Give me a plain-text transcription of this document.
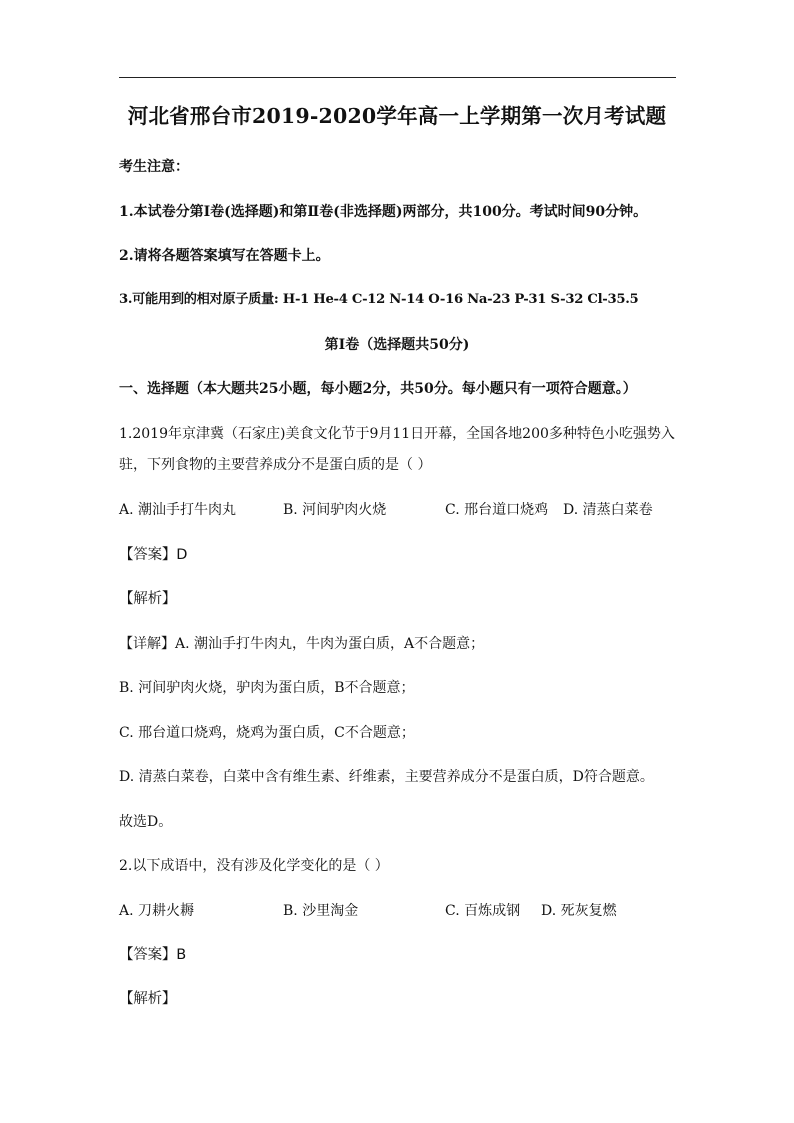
河北省邢台市2019-2020学年高一上学期第一次月考试题
考生注意：
1.本试卷分第Ⅰ卷(选择题)和第Ⅱ卷(非选择题)两部分，共100分。考试时间90分钟。
2.请将各题答案填写在答题卡上。
3.可能用到的相对原子质量: H-1 He-4 C-12 N-14 O-16 Na-23 P-31 S-32 Cl-35.5
第Ⅰ卷（选择题共50分)
一、选择题（本大题共25小题，每小题2分，共50分。每小题只有一项符合题意。）
1.2019年京津冀（石家庄)美食文化节于9月11日开幕，全国各地200多种特色小吃强势入
驻，下列食物的主要营养成分不是蛋白质的是（ ）
A. 潮汕手打牛肉丸	B. 河间驴肉火烧	C. 邢台道口烧鸡 D. 清蒸白菜卷
【答案】D
【解析】
【详解】A. 潮汕手打牛肉丸，牛肉为蛋白质，A不合题意；
B. 河间驴肉火烧，驴肉为蛋白质，B不合题意；
C. 邢台道口烧鸡，烧鸡为蛋白质，C不合题意；
D. 清蒸白菜卷，白菜中含有维生素、纤维素，主要营养成分不是蛋白质，D符合题意。
故选D。
2.以下成语中，没有涉及化学变化的是（ ）
A. 刀耕火耨	B. 沙里淘金	C. 百炼成钢 D. 死灰复燃
【答案】B
【解析】
